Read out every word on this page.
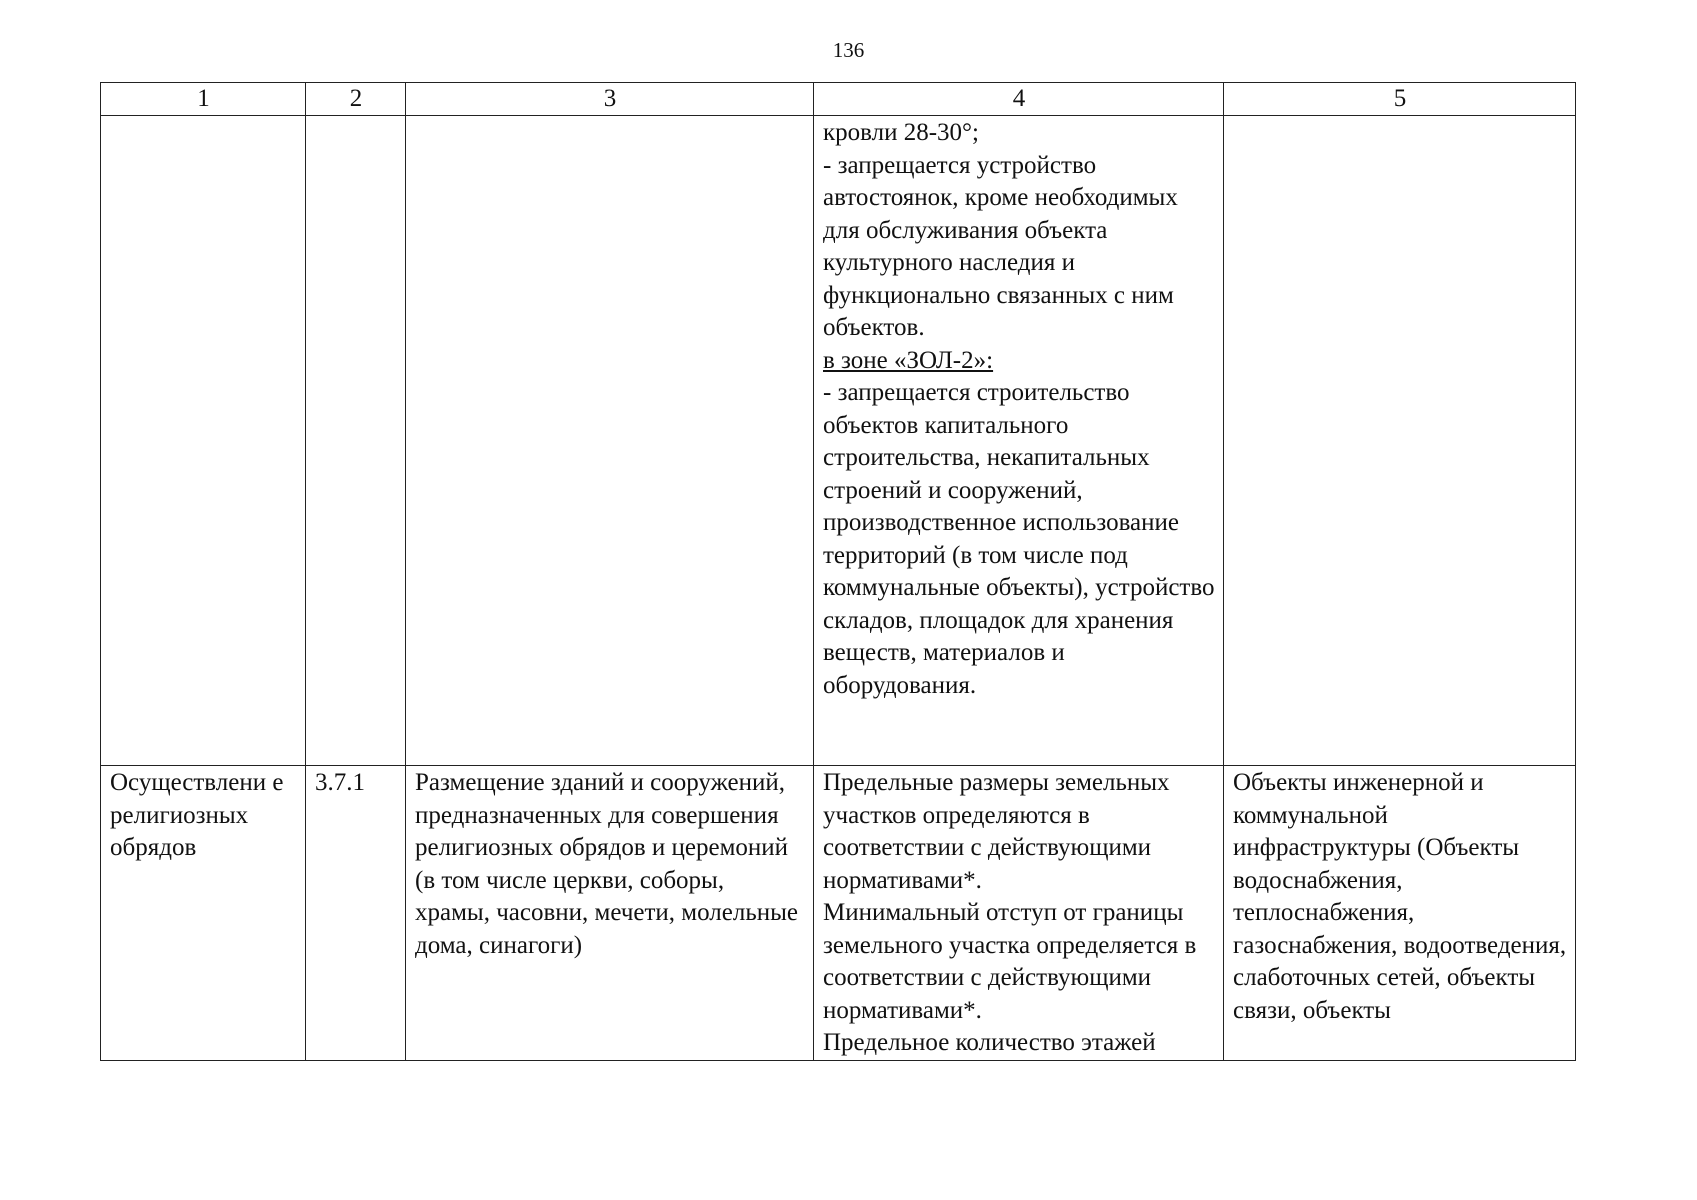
136
1	2	3	4	5

			кровли 28-30°;
- запрещается устройство автостоянок, кроме необходимых для обслуживания объекта культурного наследия и функционально связанных с ним объектов.
в зоне «ЗОЛ-2»:
- запрещается строительство объектов капитального строительства, некапитальных строений и сооружений, производственное использование территорий (в том числе под коммунальные объекты), устройство складов, площадок для хранения веществ, материалов и оборудования.	

Осуществлени е религиозных обрядов	3.7.1	Размещение зданий и сооружений, предназначенных для совершения религиозных обрядов и церемоний (в том числе церкви, соборы, храмы, часовни, мечети, молельные дома, синагоги)	Предельные размеры земельных участков определяются в соответствии с действующими нормативами*.
Минимальный отступ от границы земельного участка определяется в соответствии с действующими нормативами*.
Предельное количество этажей	Объекты инженерной и коммунальной инфраструктуры (Объекты водоснабжения, теплоснабжения, газоснабжения, водоотведения, слаботочных сетей, объекты связи, объекты
